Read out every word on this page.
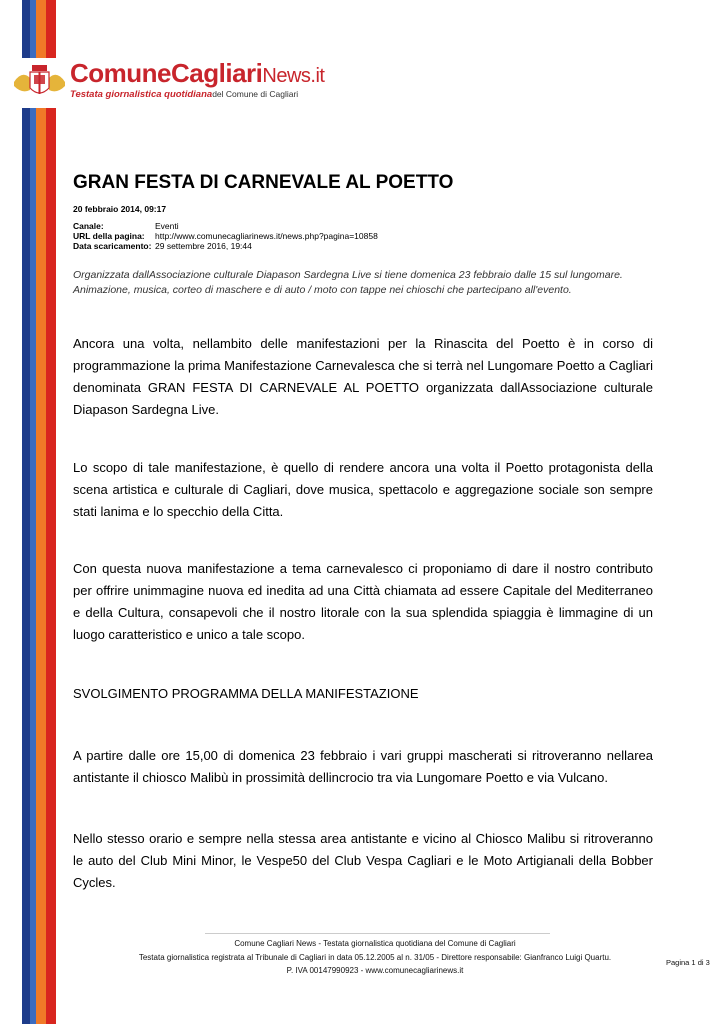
ComuneCagliariNews.it
Testata giornalistica quotidianadel Comune di Cagliari
GRAN FESTA DI CARNEVALE AL POETTO
20 febbraio 2014, 09:17
Canale:	Eventi
URL della pagina:	http://www.comunecagliarinews.it/news.php?pagina=10858
Data scaricamento: 29 settembre 2016, 19:44
Organizzata dallAssociazione culturale Diapason Sardegna Live si tiene domenica 23 febbraio dalle 15 sul lungomare. Animazione, musica, corteo di maschere e di auto / moto con tappe nei chioschi che partecipano all'evento.
Ancora una volta, nellambito delle manifestazioni per la Rinascita del Poetto è in corso di programmazione la prima Manifestazione Carnevalesca che si terrà nel Lungomare Poetto a Cagliari denominata GRAN FESTA DI CARNEVALE AL POETTO organizzata dallAssociazione culturale Diapason Sardegna Live.
Lo scopo di tale manifestazione, è quello di rendere ancora una volta il Poetto protagonista della scena artistica e culturale di Cagliari, dove musica, spettacolo e aggregazione sociale son sempre stati lanima e lo specchio della Citta.
Con questa nuova manifestazione a tema carnevalesco ci proponiamo di dare il nostro contributo per offrire unimmagine nuova ed inedita ad una Città chiamata ad essere Capitale del Mediterraneo e della Cultura, consapevoli che il nostro litorale con la sua splendida spiaggia è limmagine di un luogo caratteristico e unico a tale scopo.
SVOLGIMENTO PROGRAMMA DELLA MANIFESTAZIONE
A partire dalle ore 15,00 di domenica 23 febbraio i vari gruppi mascherati si ritroveranno nellarea antistante il chiosco Malibù in prossimità dellincrocio tra via Lungomare Poetto e via Vulcano.
Nello stesso orario e sempre nella stessa area antistante e vicino al Chiosco Malibu si ritroveranno le auto del Club Mini Minor, le Vespe50 del Club Vespa Cagliari e le Moto Artigianali della Bobber Cycles.
Comune Cagliari News - Testata giornalistica quotidiana del Comune di Cagliari
Testata giornalistica registrata al Tribunale di Cagliari in data 05.12.2005 al n. 31/05 - Direttore responsabile: Gianfranco Luigi Quartu.
P. IVA 00147990923 - www.comunecagliarinews.it
Pagina 1 di 3
